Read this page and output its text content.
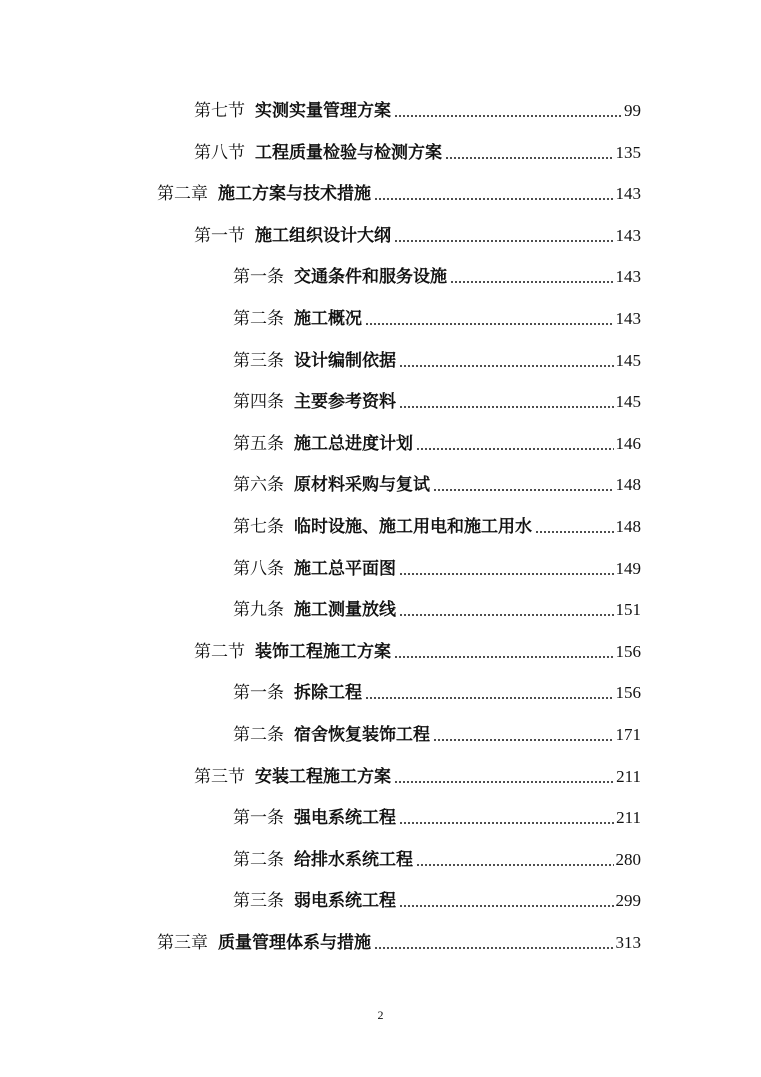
第七节 实测实量管理方案	99
第八节 工程质量检验与检测方案	135
第二章 施工方案与技术措施	143
第一节 施工组织设计大纲	143
第一条 交通条件和服务设施	143
第二条 施工概况	143
第三条 设计编制依据	145
第四条 主要参考资料	145
第五条 施工总进度计划	146
第六条 原材料采购与复试	148
第七条 临时设施、施工用电和施工用水	148
第八条 施工总平面图	149
第九条 施工测量放线	151
第二节 装饰工程施工方案	156
第一条 拆除工程	156
第二条 宿舍恢复装饰工程	171
第三节 安装工程施工方案	211
第一条 强电系统工程	211
第二条 给排水系统工程	280
第三条 弱电系统工程	299
第三章 质量管理体系与措施	313
2
